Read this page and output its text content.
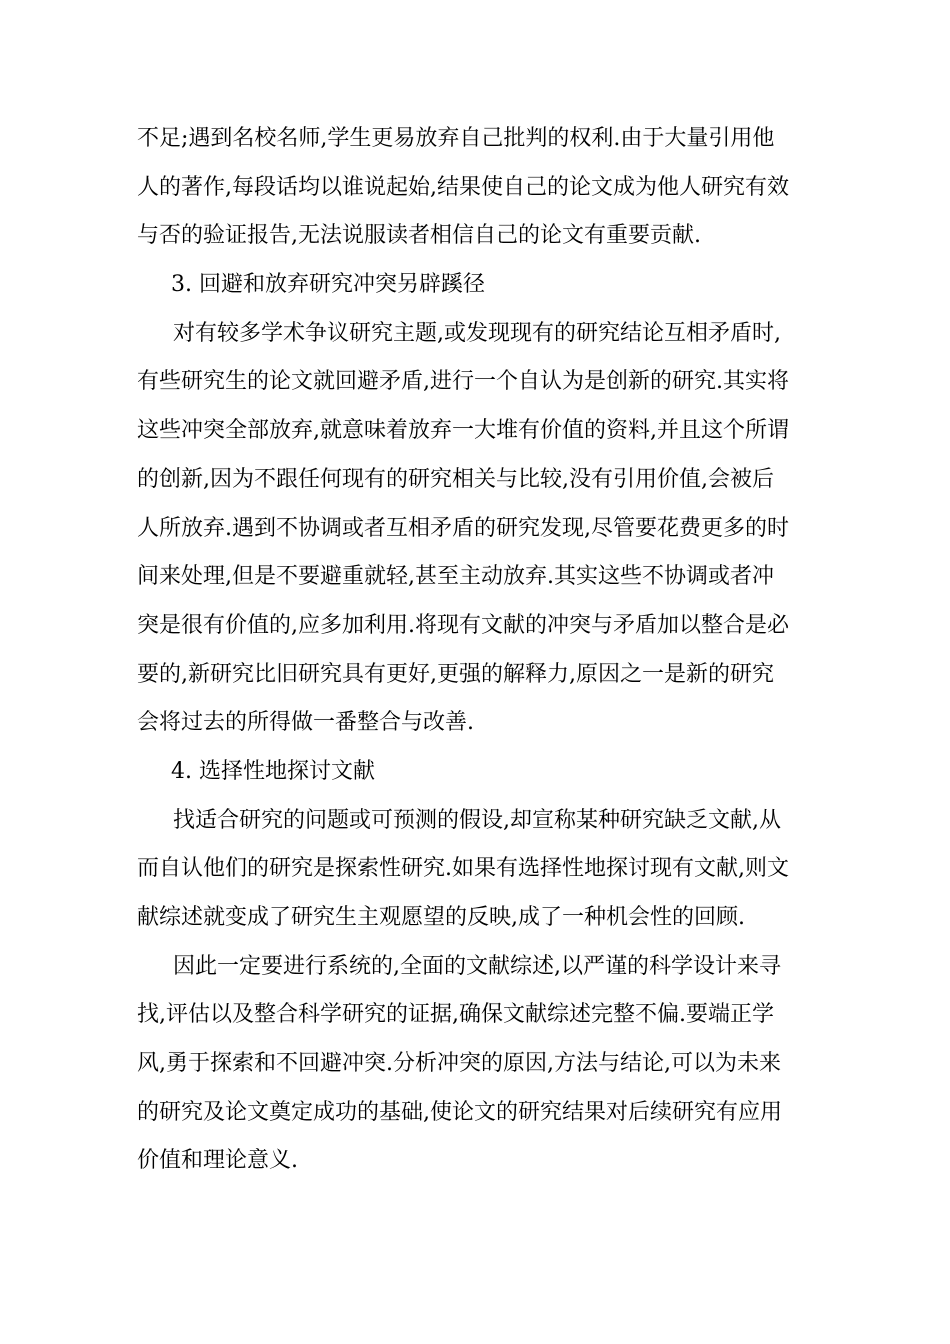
不足;遇到名校名师,学生更易放弃自己批判的权利.由于大量引用他
人的著作,每段话均以谁说起始,结果使自己的论文成为他人研究有效
与否的验证报告,无法说服读者相信自己的论文有重要贡献.
3. 回避和放弃研究冲突另辟蹊径
对有较多学术争议研究主题,或发现现有的研究结论互相矛盾时,
有些研究生的论文就回避矛盾,进行一个自认为是创新的研究.其实将
这些冲突全部放弃,就意味着放弃一大堆有价值的资料,并且这个所谓
的创新,因为不跟任何现有的研究相关与比较,没有引用价值,会被后
人所放弃.遇到不协调或者互相矛盾的研究发现,尽管要花费更多的时
间来处理,但是不要避重就轻,甚至主动放弃.其实这些不协调或者冲
突是很有价值的,应多加利用.将现有文献的冲突与矛盾加以整合是必
要的,新研究比旧研究具有更好,更强的解释力,原因之一是新的研究
会将过去的所得做一番整合与改善.
4. 选择性地探讨文献
找适合研究的问题或可预测的假设,却宣称某种研究缺乏文献,从
而自认他们的研究是探索性研究.如果有选择性地探讨现有文献,则文
献综述就变成了研究生主观愿望的反映,成了一种机会性的回顾.
因此一定要进行系统的,全面的文献综述,以严谨的科学设计来寻
找,评估以及整合科学研究的证据,确保文献综述完整不偏.要端正学
风,勇于探索和不回避冲突.分析冲突的原因,方法与结论,可以为未来
的研究及论文奠定成功的基础,使论文的研究结果对后续研究有应用
价值和理论意义.
